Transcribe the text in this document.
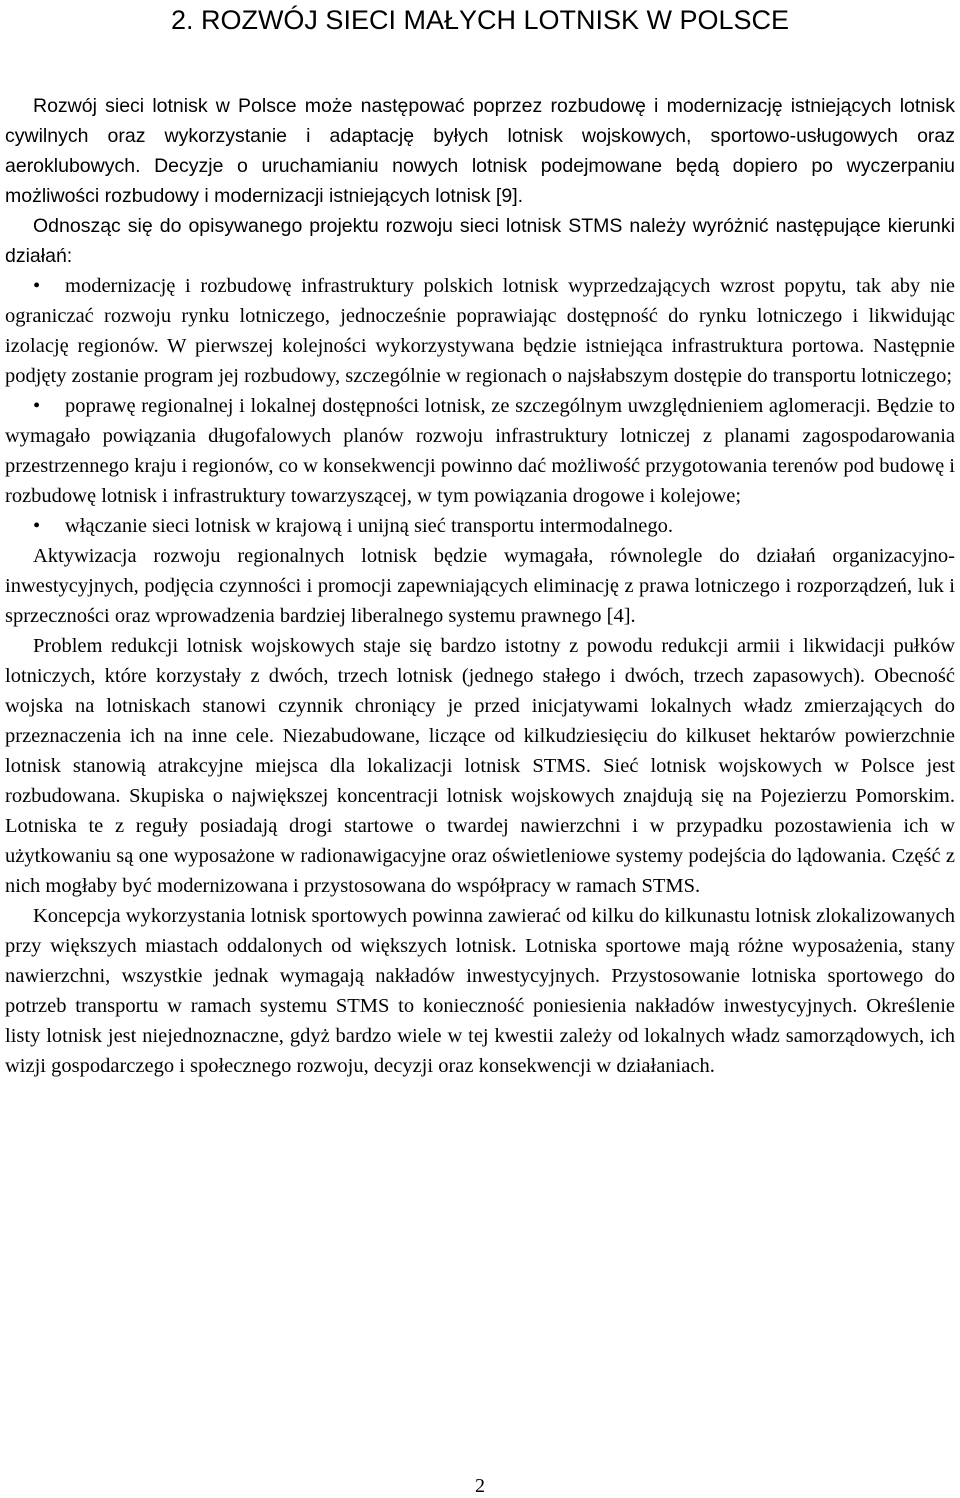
2. ROZWÓJ SIECI MAŁYCH LOTNISK W POLSCE

Rozwój sieci lotnisk w Polsce może następować poprzez rozbudowę i modernizację istniejących lotnisk cywilnych oraz wykorzystanie i adaptację byłych lotnisk wojskowych, sportowo-usługowych oraz aeroklubowych. Decyzje o uruchamianiu nowych lotnisk podejmowane będą dopiero po wyczerpaniu możliwości rozbudowy i modernizacji istniejących lotnisk [9].

Odnosząc się do opisywanego projektu rozwoju sieci lotnisk STMS należy wyróżnić następujące kierunki działań:

• modernizację i rozbudowę infrastruktury polskich lotnisk wyprzedzających wzrost popytu, tak aby nie ograniczać rozwoju rynku lotniczego, jednocześnie poprawiając dostępność do rynku lotniczego i likwidując izolację regionów. W pierwszej kolejności wykorzystywana będzie istniejąca infrastruktura portowa. Następnie podjęty zostanie program jej rozbudowy, szczególnie w regionach o najsłabszym dostępie do transportu lotniczego;
• poprawę regionalnej i lokalnej dostępności lotnisk, ze szczególnym uwzględnieniem aglomeracji. Będzie to wymagało powiązania długofalowych planów rozwoju infrastruktury lotniczej z planami zagospodarowania przestrzennego kraju i regionów, co w konsekwencji powinno dać możliwość przygotowania terenów pod budowę i rozbudowę lotnisk i infrastruktury towarzyszącej, w tym powiązania drogowe i kolejowe;
• włączanie sieci lotnisk w krajową i unijną sieć transportu intermodalnego.

Aktywizacja rozwoju regionalnych lotnisk będzie wymagała, równolegle do działań organizacyjno-inwestycyjnych, podjęcia czynności i promocji zapewniających eliminację z prawa lotniczego i rozporządzeń, luk i sprzeczności oraz wprowadzenia bardziej liberalnego systemu prawnego [4].

Problem redukcji lotnisk wojskowych staje się bardzo istotny z powodu redukcji armii i likwidacji pułków lotniczych, które korzystały z dwóch, trzech lotnisk (jednego stałego i dwóch, trzech zapasowych). Obecność wojska na lotniskach stanowi czynnik chroniący je przed inicjatywami lokalnych władz zmierzających do przeznaczenia ich na inne cele. Niezabudowane, liczące od kilkudziesięciu do kilkuset hektarów powierzchnie lotnisk stanowią atrakcyjne miejsca dla lokalizacji lotnisk STMS. Sieć lotnisk wojskowych w Polsce jest rozbudowana. Skupiska o największej koncentracji lotnisk wojskowych znajdują się na Pojezierzu Pomorskim. Lotniska te z reguły posiadają drogi startowe o twardej nawierzchni i w przypadku pozostawienia ich w użytkowaniu są one wyposażone w radionawigacyjne oraz oświetleniowe systemy podejścia do lądowania. Część z nich mogłaby być modernizowana i przystosowana do współpracy w ramach STMS.

Koncepcja wykorzystania lotnisk sportowych powinna zawierać od kilku do kilkunastu lotnisk zlokalizowanych przy większych miastach oddalonych od większych lotnisk. Lotniska sportowe mają różne wyposażenia, stany nawierzchni, wszystkie jednak wymagają nakładów inwestycyjnych. Przystosowanie lotniska sportowego do potrzeb transportu w ramach systemu STMS to konieczność poniesienia nakładów inwestycyjnych. Określenie listy lotnisk jest niejednoznaczne, gdyż bardzo wiele w tej kwestii zależy od lokalnych władz samorządowych, ich wizji gospodarczego i społecznego rozwoju, decyzji oraz konsekwencji w działaniach.

2
